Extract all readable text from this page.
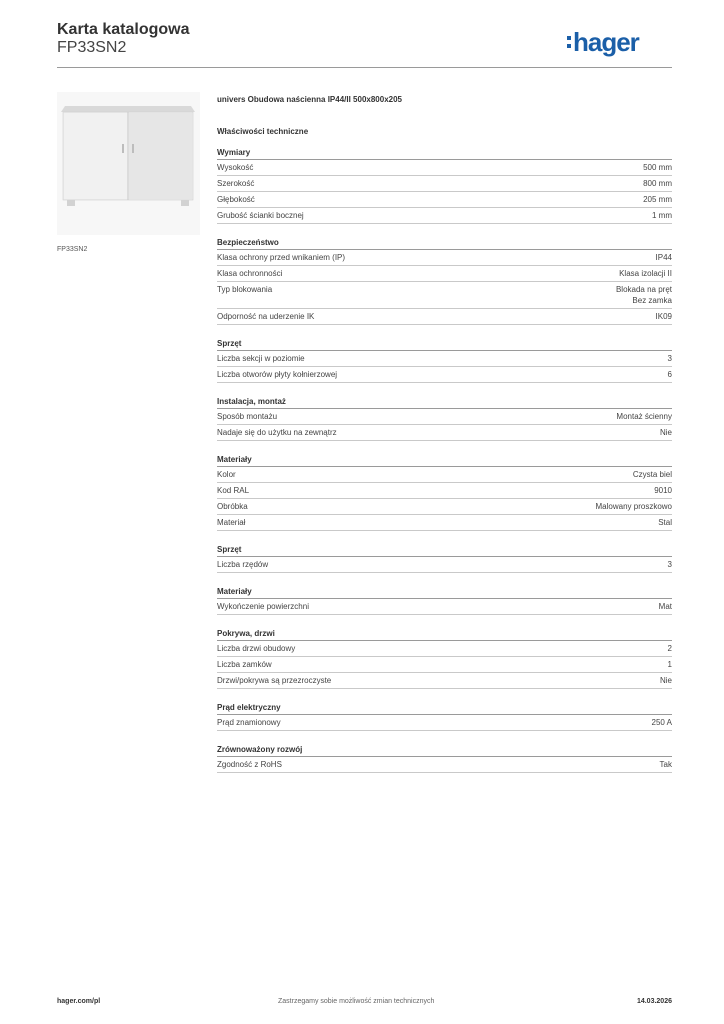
Karta katalogowa
FP33SN2	hager
FP33SN2
univers Obudowa naścienna IP44/II 500x800x205
Właściwości techniczne
Wymiary
Wysokość	500 mm
Szerokość	800 mm
Głębokość	205 mm
Grubość ścianki bocznej	1 mm
Bezpieczeństwo
Klasa ochrony przed wnikaniem (IP)	IP44
Klasa ochronności	Klasa izolacji II
Typ blokowania	Blokada na pręt
Bez zamka
Odporność na uderzenie IK	IK09
Sprzęt
Liczba sekcji w poziomie	3
Liczba otworów płyty kołnierzowej	6
Instalacja, montaż
Sposób montażu	Montaż ścienny
Nadaje się do użytku na zewnątrz	Nie
Materiały
Kolor	Czysta biel
Kod RAL	9010
Obróbka	Malowany proszkowo
Materiał	Stal
Sprzęt
Liczba rzędów	3
Materiały
Wykończenie powierzchni	Mat
Pokrywa, drzwi
Liczba drzwi obudowy	2
Liczba zamków	1
Drzwi/pokrywa są przezroczyste	Nie
Prąd elektryczny
Prąd znamionowy	250 A
Zrównoważony rozwój
Zgodność z RoHS	Tak
hager.com/pl	Zastrzegamy sobie możliwość zmian technicznych	14.03.2026
